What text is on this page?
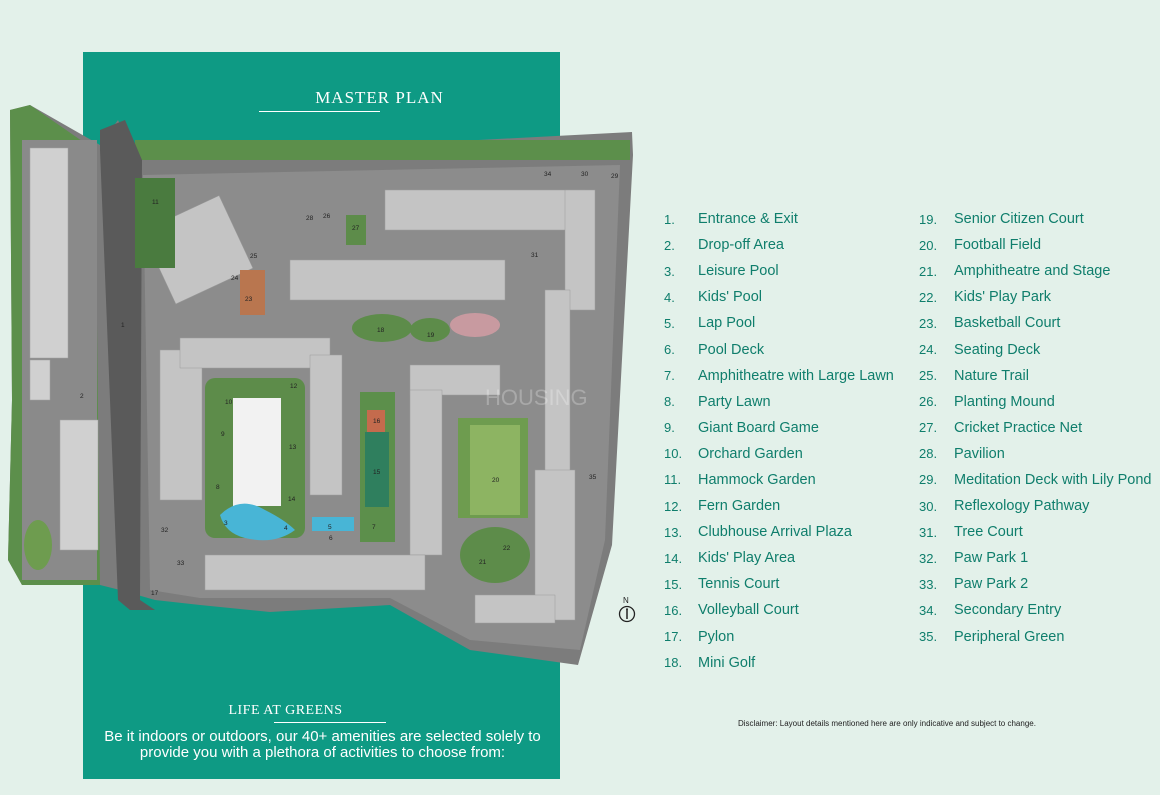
MASTER PLAN
1
2
8
9
10
11
12
13
14
15
16
17
18
19
20
21
22
23
24
25
26
27
28
29
30
31
32
33
34
35
3
4	5
6
7
HOUSING
1.	Entrance & Exit
2.	Drop-off Area
3.	Leisure Pool
4.	Kids' Pool
5.	Lap Pool
6.	Pool Deck
7.	Amphitheatre with Large Lawn
8.	Party Lawn
9.	Giant Board Game
10.	Orchard Garden
11.	Hammock Garden
12.	Fern Garden
13.	Clubhouse Arrival Plaza
14.	Kids' Play Area
15.	Tennis Court
16.	Volleyball Court
17.	Pylon
18.	Mini Golf
19.	Senior Citizen Court
20.	Football Field
21.	Amphitheatre and Stage
22.	Kids' Play Park
23.	Basketball Court
24.	Seating Deck
25.	Nature Trail
26.	Planting Mound
27.	Cricket Practice Net
28.	Pavilion
29.	Meditation Deck with Lily Pond
30.	Reflexology Pathway
31.	Tree Court
32.	Paw Park 1
33.	Paw Park 2
34.	Secondary Entry
35.	Peripheral Green
N
LIFE AT GREENS
Be it indoors or outdoors, our 40+ amenities are selected solely to provide you with a plethora of activities to choose from:
Disclaimer: Layout details mentioned here are only indicative and subject to change.
